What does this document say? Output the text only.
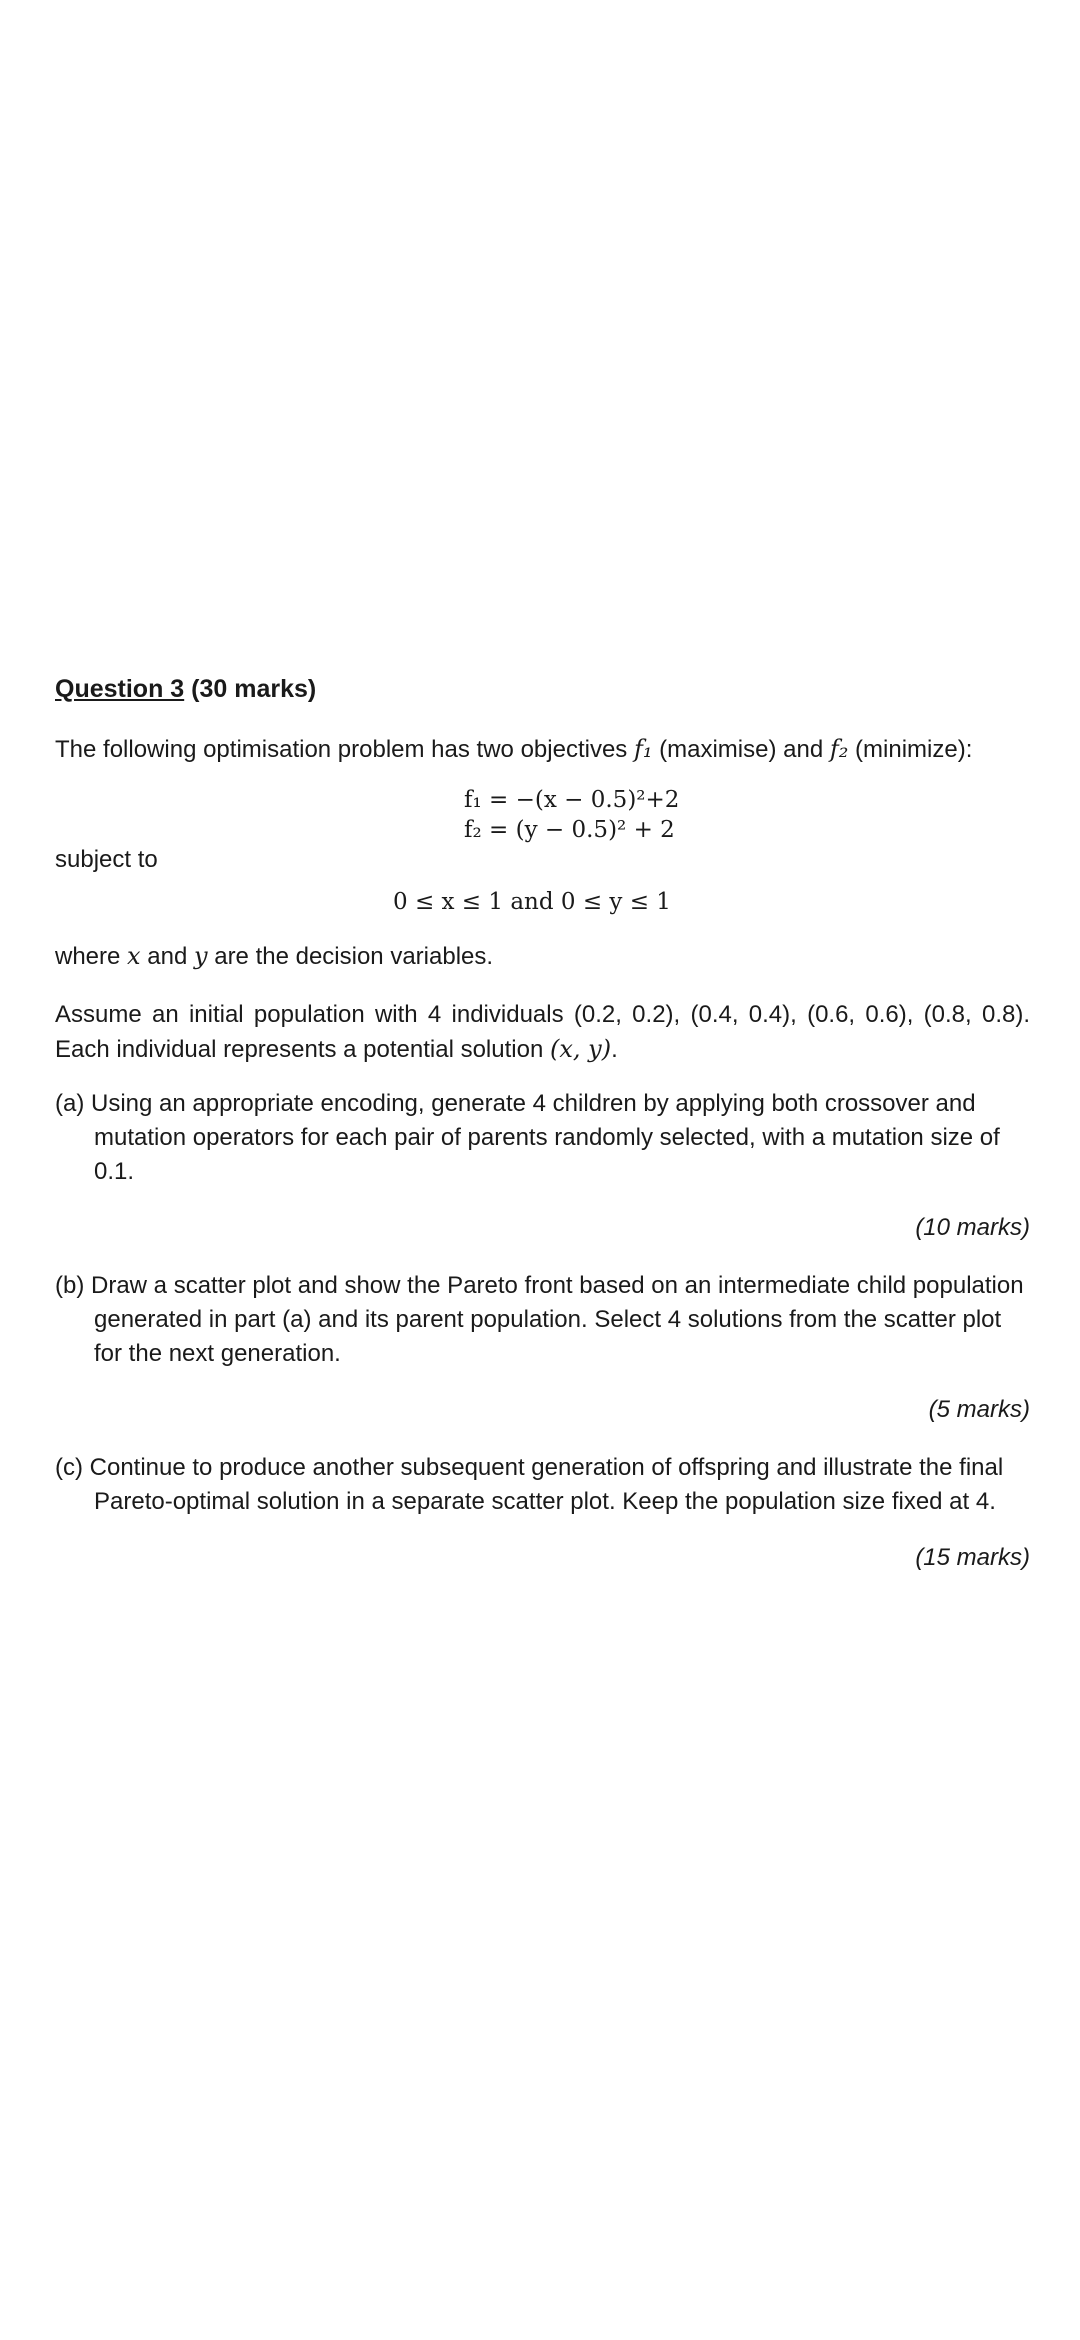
Question 3 (30 marks)

The following optimisation problem has two objectives f₁ (maximise) and f₂ (minimize):

f₁ = −(x − 0.5)²+2
f₂ = (y − 0.5)² + 2

subject to

0 ≤ x ≤ 1 and 0 ≤ y ≤ 1

where x and y are the decision variables.

Assume an initial population with 4 individuals (0.2, 0.2), (0.4, 0.4), (0.6, 0.6), (0.8, 0.8). Each individual represents a potential solution (x, y).

(a) Using an appropriate encoding, generate 4 children by applying both crossover and mutation operators for each pair of parents randomly selected, with a mutation size of 0.1.

(10 marks)

(b) Draw a scatter plot and show the Pareto front based on an intermediate child population generated in part (a) and its parent population. Select 4 solutions from the scatter plot for the next generation.

(5 marks)

(c) Continue to produce another subsequent generation of offspring and illustrate the final Pareto-optimal solution in a separate scatter plot. Keep the population size fixed at 4.

(15 marks)
